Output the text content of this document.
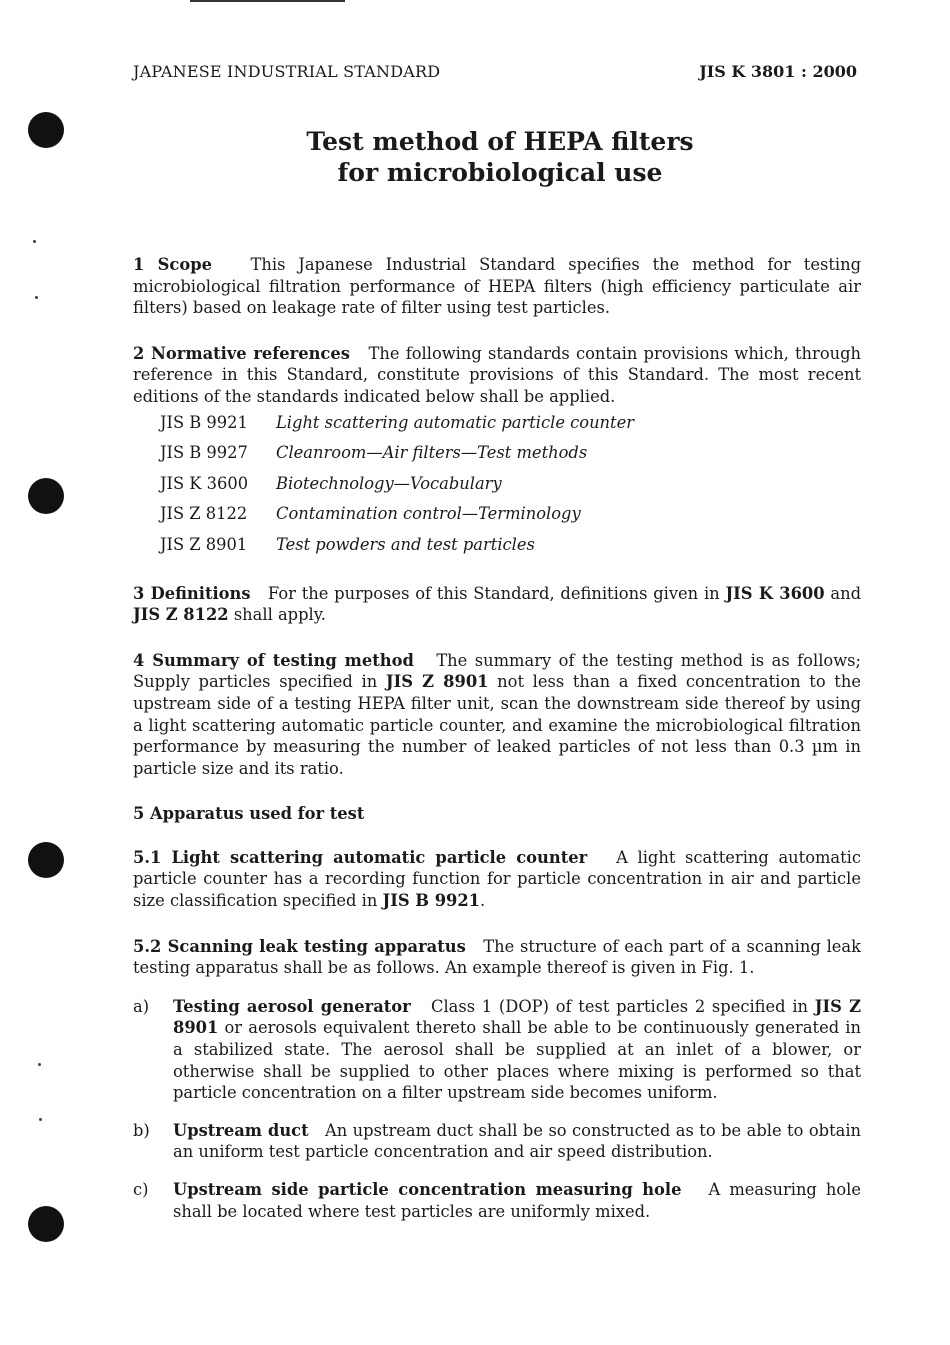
JAPANESE INDUSTRIAL STANDARD	JIS K 3801 : 2000
Test method of HEPA filters
for microbiological use

1 Scope This Japanese Industrial Standard specifies the method for testing microbiological filtration performance of HEPA filters (high efficiency particulate air filters) based on leakage rate of filter using test particles.

2 Normative references The following standards contain provisions which, through reference in this Standard, constitute provisions of this Standard. The most recent editions of the standards indicated below shall be applied.

JIS B 9921 Light scattering automatic particle counter
JIS B 9927 Cleanroom—Air filters—Test methods
JIS K 3600 Biotechnology—Vocabulary
JIS Z 8122 Contamination control—Terminology
JIS Z 8901 Test powders and test particles

3 Definitions For the purposes of this Standard, definitions given in JIS K 3600 and JIS Z 8122 shall apply.

4 Summary of testing method The summary of the testing method is as follows; Supply particles specified in JIS Z 8901 not less than a fixed concentration to the upstream side of a testing HEPA filter unit, scan the downstream side thereof by using a light scattering automatic particle counter, and examine the microbiological filtration performance by measuring the number of leaked particles of not less than 0.3 µm in particle size and its ratio.

5 Apparatus used for test

5.1 Light scattering automatic particle counter A light scattering automatic particle counter has a recording function for particle concentration in air and particle size classification specified in JIS B 9921.

5.2 Scanning leak testing apparatus The structure of each part of a scanning leak testing apparatus shall be as follows. An example thereof is given in Fig. 1.

a) Testing aerosol generator Class 1 (DOP) of test particles 2 specified in JIS Z 8901 or aerosols equivalent thereto shall be able to be continuously generated in a stabilized state. The aerosol shall be supplied at an inlet of a blower, or otherwise shall be supplied to other places where mixing is performed so that particle concentration on a filter upstream side becomes uniform.

b) Upstream duct An upstream duct shall be so constructed as to be able to obtain an uniform test particle concentration and air speed distribution.

c) Upstream side particle concentration measuring hole A measuring hole shall be located where test particles are uniformly mixed.
